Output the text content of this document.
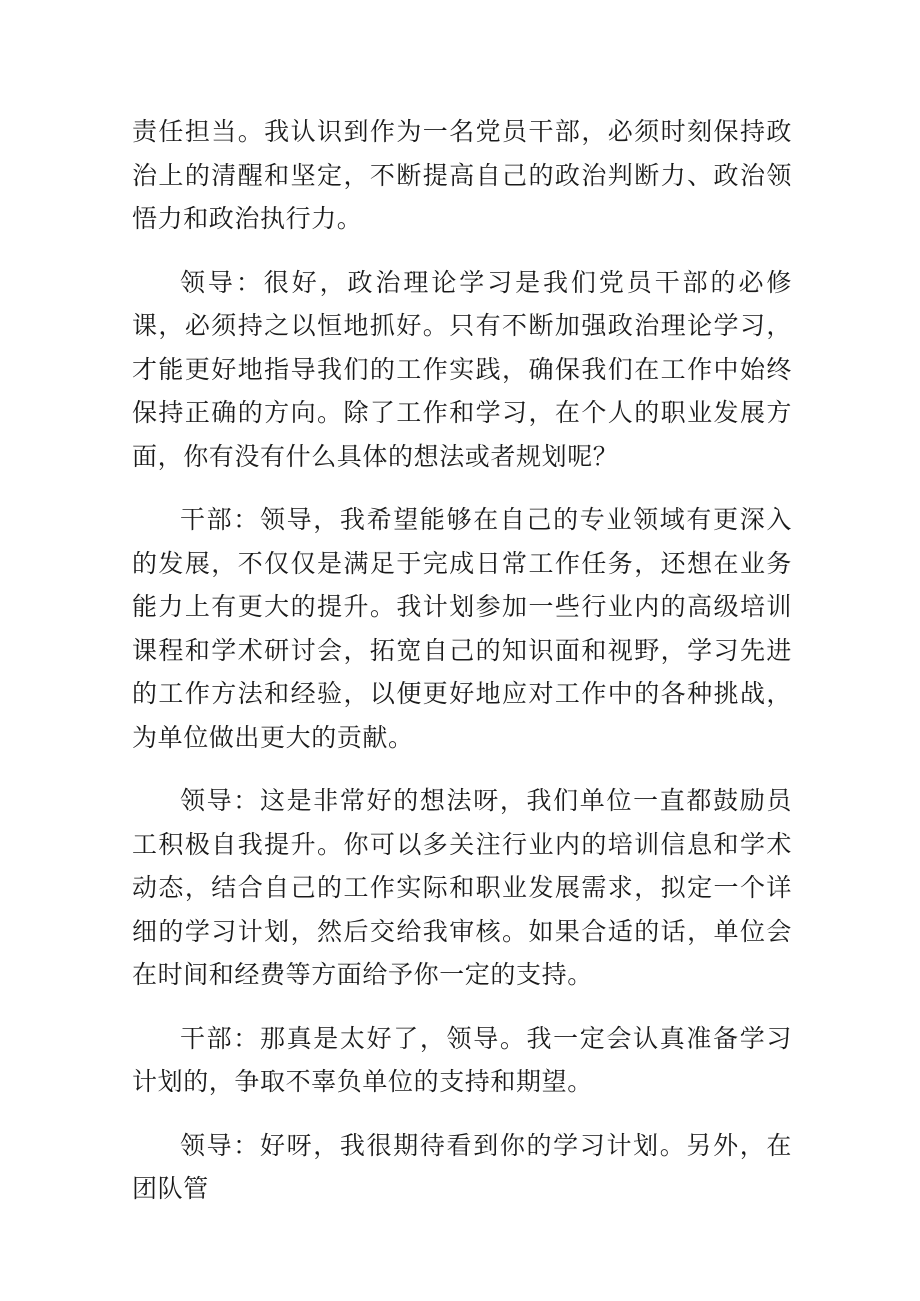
责任担当。我认识到作为一名党员干部，必须时刻保持政治上的清醒和坚定，不断提高自己的政治判断力、政治领悟力和政治执行力。

领导：很好，政治理论学习是我们党员干部的必修课，必须持之以恒地抓好。只有不断加强政治理论学习，才能更好地指导我们的工作实践，确保我们在工作中始终保持正确的方向。除了工作和学习，在个人的职业发展方面，你有没有什么具体的想法或者规划呢？

干部：领导，我希望能够在自己的专业领域有更深入的发展，不仅仅是满足于完成日常工作任务，还想在业务能力上有更大的提升。我计划参加一些行业内的高级培训课程和学术研讨会，拓宽自己的知识面和视野，学习先进的工作方法和经验，以便更好地应对工作中的各种挑战，为单位做出更大的贡献。

领导：这是非常好的想法呀，我们单位一直都鼓励员工积极自我提升。你可以多关注行业内的培训信息和学术动态，结合自己的工作实际和职业发展需求，拟定一个详细的学习计划，然后交给我审核。如果合适的话，单位会在时间和经费等方面给予你一定的支持。

干部：那真是太好了，领导。我一定会认真准备学习计划的，争取不辜负单位的支持和期望。

领导：好呀，我很期待看到你的学习计划。另外，在团队管
